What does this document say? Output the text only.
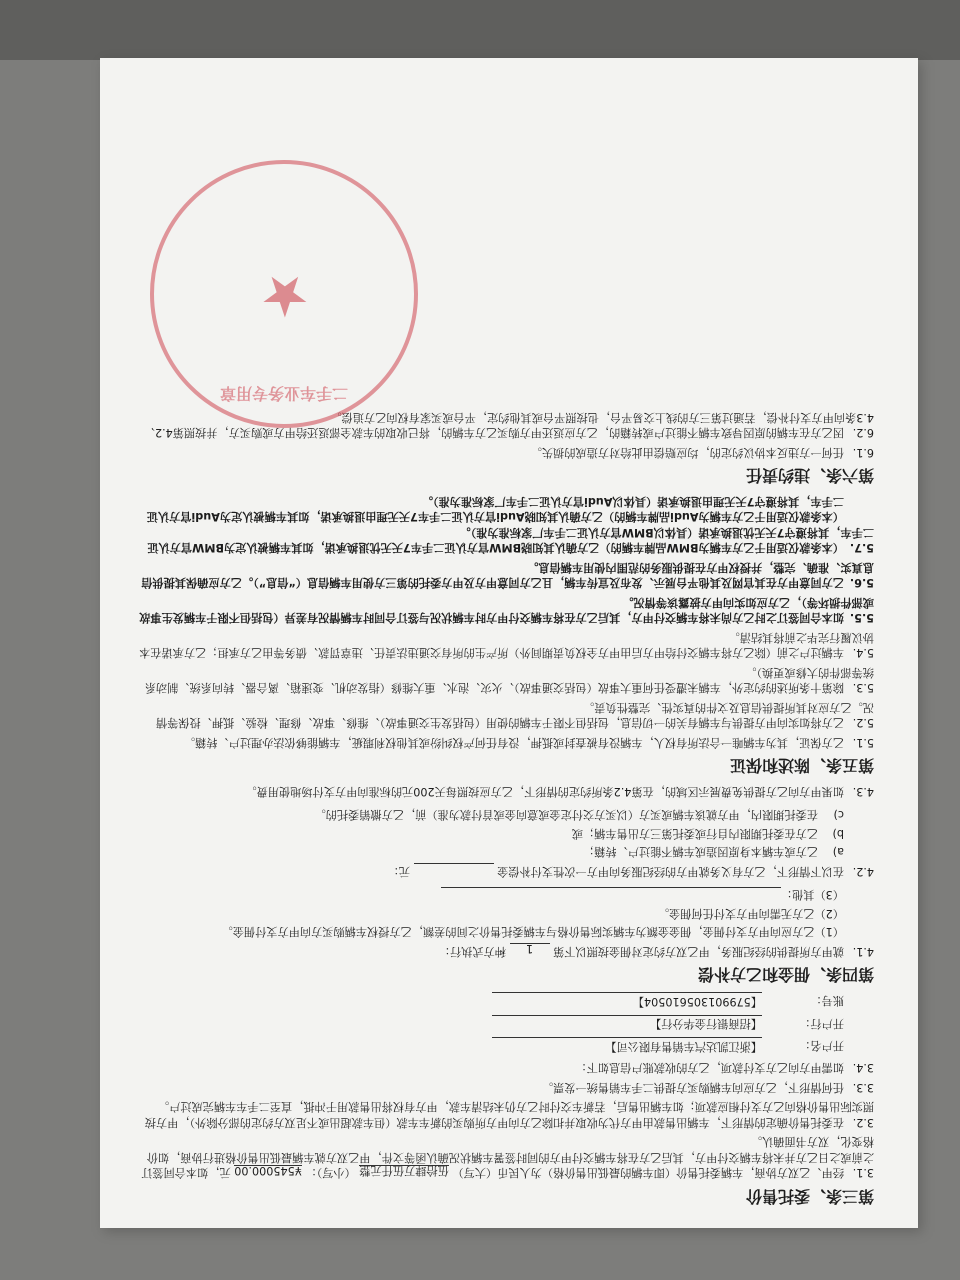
第三条、委托售价
3.1.经甲、乙双方协商，车辆委托售价（即车辆的最低出售价格）为人民币（大写） 伍拾肆万伍仟元整 （小写）： ¥545000.00 元，如本合同签订之前或之日乙方并未将车辆交付甲方，其后乙方在将车辆交付甲方的同时签署车辆状况确认函等文件，甲乙双方就车辆最低出售价格进行协商，如价格变化，双方书面确认。
3.2.在委托售价确定的情形下，车辆出售款由甲方代为收取并扣除乙方向甲方所购买的新车车款（但车款超出或不足双方约定的部分除外），甲方按照实际出售价格向乙方支付相应款项；如车辆出售后，若新车交付时乙方仍未结清车款，甲方有权将出售款用于冲抵，直至二手车车辆完成过户。
3.3.任何情形下，乙方应向车辆购买方提供二手车销售统一发票。
3.4.如需甲方向乙方支付款项，乙方的收款账户信息如下：
开户名：
【浙江凯达汽车销售有限公司】
开户行：
【招商银行金华分行】
账号：
【579901305610504】
第四条、佣金和乙方补偿
4.1.就甲方所提供的经纪服务，甲乙双方约定对佣金按照以下第 1 种方式执行：
（1）乙方应向甲方支付佣金，佣金金额为车辆实际售价格与车辆委托售价之间的差额，乙方授权车辆购买方向甲方支付佣金。
（2）乙方无需向甲方支付任何佣金。
（3）其他：
4.2.在以下情形下，乙方有义务就甲方的经纪服务向甲方一次性支付补偿金  元：
a)乙方或车辆本身原因造成车辆不能过户、转籍；
b)乙方在委托期限内自行或委托第三方出售车辆；或
c)在委托期限内，甲方就该车辆或买方（以买方交付定金或意向金或首付款为准）前，乙方撤销委托的。
4.3.如果甲方向乙方提供免费展示区域的，在第4.2条所约定的情形下，乙方应按照每天200元的标准向甲方支付场地使用费。
第五条、陈述和保证
5.1.乙方保证，其为车辆唯一合法所有权人，车辆没有被查封或抵押，没有任何产权纠纷或其他权利瑕疵，车辆能够依法办理过户、转籍。
5.2.乙方将如实向甲方提供与车辆有关的一切信息，包括但不限于车辆的使用（包括发生交通事故）、维修、事故、修理、检验、抵押、投保等情况。乙方应对其所提供信息及文件的真实性、完整性负责。
5.3.除第十条所述的约定外，车辆未遭受任何重大事故（包括交通事故）、火灾、泡水、重大维修（指发动机、变速箱、离合器、转向系统、制动系统等部件的大修或更换）。
5.4.车辆过户之前（除乙方将车辆交付给甲方后由甲方全权负责期间外）所产生的所有交通违法责任、违章罚款、债务等由乙方承担；乙方承诺在本协议履行完毕之前将其结清。
5.5.如本合同签订之时乙方尚未将车辆交付甲方，其后乙方在将车辆交付甲方时车辆状况与签订合同时车辆情况有差异（包括但不限于车辆发生事故或部件损坏等），乙方应如实向甲方披露该等情况。
5.6.乙方同意甲方在其官网及其他平台展示、发布及宣传车辆，且乙方同意甲方及甲方委托的第三方使用车辆信息（“信息”）。乙方应确保其提供信息真实、准确、完整，并授权甲方在提供服务的范围内使用车辆信息。
5.7.（本条款仅适用于乙方车辆为BMW品牌车辆的）乙方确认其知晓BMW官方认证二手车7天无忧退换承诺，如其车辆被认定为BMW官方认证二手车，其将遵守7天无忧退换承诺（具体以BMW官方认证二手车厂家标准为准）。
（本条款仅适用于乙方车辆为Audi品牌车辆的）乙方确认其知晓Audi官方认证二手车7天无理由退换承诺，如其车辆被认定为Audi官方认证二手车，其将遵守7天无理由退换承诺（具体以Audi官方认证二手车厂家标准为准）。
第六条、违约责任
6.1.任何一方违反本协议约定的，均应赔偿由此给对方造成的损失。
6.2.因乙方在车辆的原因导致车辆不能过户或转籍的，乙方应返还甲方购买乙方车辆的，将已收取的车款全部返还给甲方或购买方，并按照第4.2、4.3条向甲方支付补偿，若通过第三方的线上交易平台，也按照平台或其他约定，平台或买家有权向乙方追偿。
二手车业务专用章
★
